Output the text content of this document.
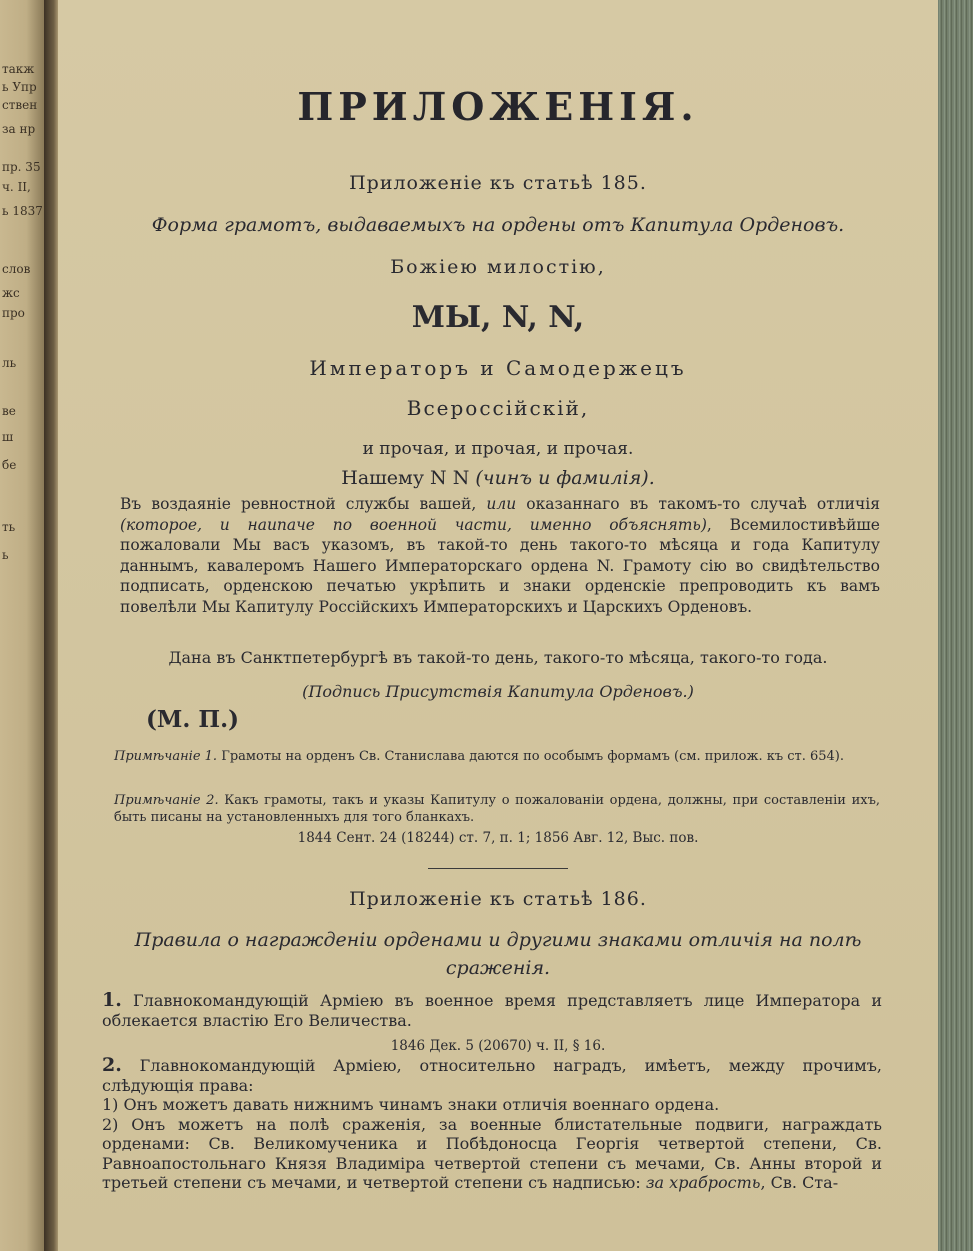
такж
ь Упр
ствен
за нр
пр. 35
ч. II,
ь 1837
слов
жс
про
ль
ве
ш
бе
ть
ь
ПРИЛОЖЕНІЯ.
Приложеніе къ статьѣ 185.
Форма грамотъ, выдаваемыхъ на ордены отъ Капитула Орденовъ.
Божіею милостію,
МЫ, N, N,
Императоръ и Самодержецъ
Всероссійскій,
и прочая, и прочая, и прочая.
Нашему N N (чинъ и фамилія).
Въ воздаяніе ревностной службы вашей, или оказаннаго въ такомъ-то случаѣ отличія (которое, и наипаче по военной части, именно объяснять), Всемилостивѣйше пожаловали Мы васъ указомъ, въ такой-то день такого-то мѣсяца и года Капитулу даннымъ, кавалеромъ Нашего Императорскаго ордена N. Грамоту сію во свидѣтельство подписать, орденскою печатью укрѣпить и знаки орденскіе препроводить къ вамъ повелѣли Мы Капитулу Россійскихъ Императорскихъ и Царскихъ Орденовъ.
Дана въ Санктпетербургѣ въ такой-то день, такого-то мѣсяца, такого-то года.
(Подпись Присутствія Капитула Орденовъ.)
(М. П.)
Примѣчаніе 1. Грамоты на орденъ Св. Станислава даются по особымъ формамъ (см. прилож. къ ст. 654).
Примѣчаніе 2. Какъ грамоты, такъ и указы Капитулу о пожалованіи ордена, должны, при составленіи ихъ, быть писаны на установленныхъ для того бланкахъ.
1844 Сент. 24 (18244) ст. 7, п. 1; 1856 Авг. 12, Выс. пов.
Приложеніе къ статьѣ 186.
Правила о награжденіи орденами и другими знаками отличія на полѣ сраженія.
1. Главнокомандующій Арміею въ военное время представляетъ лице Императора и облекается властію Его Величества.
1846 Дек. 5 (20670) ч. II, § 16.
2. Главнокомандующій Арміею, относительно наградъ, имѣетъ, между прочимъ, слѣдующія права:
1) Онъ можетъ давать нижнимъ чинамъ знаки отличія военнаго ордена.
2) Онъ можетъ на полѣ сраженія, за военные блистательные подвиги, награждать орденами: Св. Великомученика и Побѣдоносца Георгія четвертой степени, Св. Равноапостольнаго Князя Владиміра четвертой степени съ мечами, Св. Анны второй и третьей степени съ мечами, и четвертой степени съ надписью: за храбрость, Св. Ста-
